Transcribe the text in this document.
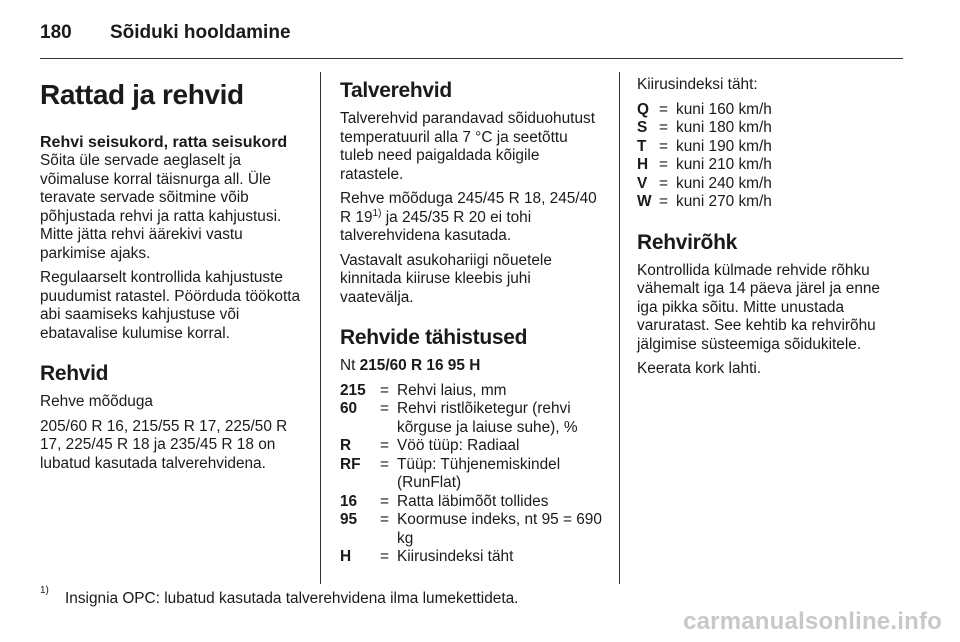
180	Sõiduki hooldamine
Rattad ja rehvid
Rehvi seisukord, ratta seisukord

Sõita üle servade aeglaselt ja võimaluse korral täisnurga all. Üle teravate servade sõitmine võib põhjustada rehvi ja ratta kahjustusi. Mitte jätta rehvi äärekivi vastu parkimise ajaks.

Regulaarselt kontrollida kahjustuste puudumist ratastel. Pöörduda töökotta abi saamiseks kahjustuse või ebatavalise kulumise korral.

Rehvid

Rehve mõõduga

205/60 R 16, 215/55 R 17, 225/50 R 17, 225/45 R 18 ja 235/45 R 18 on lubatud kasutada talverehvidena.

Talverehvid

Talverehvid parandavad sõiduohutust temperatuuril alla 7 °C ja seetõttu tuleb need paigaldada kõigile ratastele.

Rehve mõõduga 245/45 R 18, 245/40 R 19$^{1)}$ ja 245/35 R 20 ei tohi talverehvidena kasutada.

Vastavalt asukohariigi nõuetele kinnitada kiiruse kleebis juhi vaatevälja.

Rehvide tähistused

Nt 215/60 R 16 95 H

215 = Rehvi laius, mm
60	= Rehvi ristlõiketegur (rehvi kõrguse ja laiuse suhe), %
R	= Vöö tüüp: Radiaal
RF	= Tüüp: Tühjenemiskindel (RunFlat)
16	= Ratta läbimõõt tollides
95	= Koormuse indeks, nt 95 = 690 kg
H	= Kiirusindeksi täht

Kiirusindeksi täht:

Q = kuni 160 km/h
S = kuni 180 km/h
T = kuni 190 km/h
H = kuni 210 km/h
V = kuni 240 km/h
W = kuni 270 km/h
Rehvirõhk

Kontrollida külmade rehvide rõhku vähemalt iga 14 päeva järel ja enne iga pikka sõitu. Mitte unustada varuratast. See kehtib ka rehvirõhu jälgimise süsteemiga sõidukitele.

Keerata kork lahti.

$^{1)}$	Insignia OPC: lubatud kasutada talverehvidena ilma lumekettideta.
carmanualsonline.info
